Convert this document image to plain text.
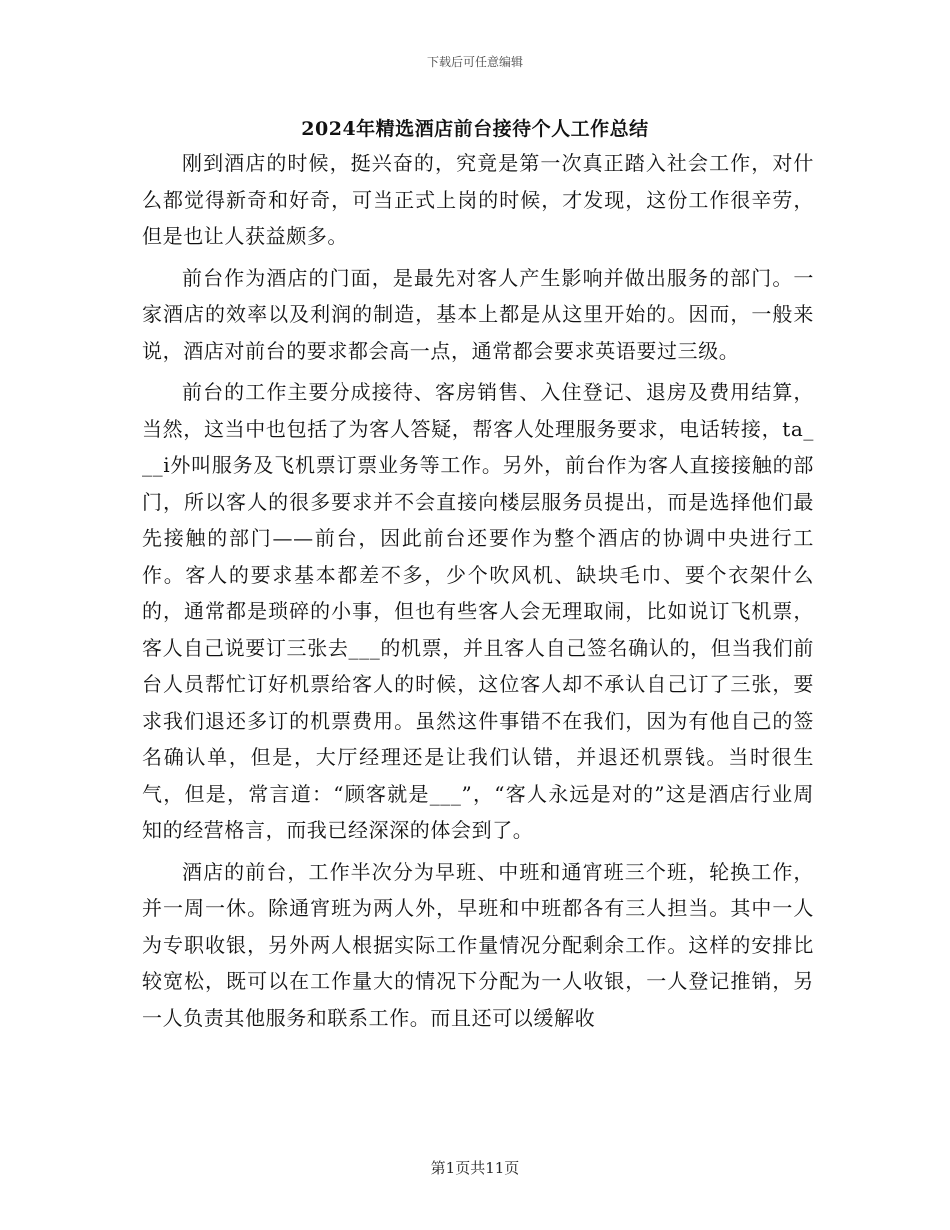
下载后可任意编辑
2024年精选酒店前台接待个人工作总结

刚到酒店的时候，挺兴奋的，究竟是第一次真正踏入社会工作，对什么都觉得新奇和好奇，可当正式上岗的时候，才发现，这份工作很辛劳，但是也让人获益颇多。

前台作为酒店的门面，是最先对客人产生影响并做出服务的部门。一家酒店的效率以及利润的制造，基本上都是从这里开始的。因而，一般来说，酒店对前台的要求都会高一点，通常都会要求英语要过三级。

前台的工作主要分成接待、客房销售、入住登记、退房及费用结算，当然，这当中也包括了为客人答疑，帮客人处理服务要求，电话转接，ta___i外叫服务及飞机票订票业务等工作。另外，前台作为客人直接接触的部门，所以客人的很多要求并不会直接向楼层服务员提出，而是选择他们最先接触的部门——前台，因此前台还要作为整个酒店的协调中央进行工作。客人的要求基本都差不多，少个吹风机、缺块毛巾、要个衣架什么的，通常都是琐碎的小事，但也有些客人会无理取闹，比如说订飞机票，客人自己说要订三张去___的机票，并且客人自己签名确认的，但当我们前台人员帮忙订好机票给客人的时候，这位客人却不承认自己订了三张，要求我们退还多订的机票费用。虽然这件事错不在我们，因为有他自己的签名确认单，但是，大厅经理还是让我们认错，并退还机票钱。当时很生气，但是，常言道：“顾客就是___”，“客人永远是对的”这是酒店行业周知的经营格言，而我已经深深的体会到了。

酒店的前台，工作半次分为早班、中班和通宵班三个班，轮换工作，并一周一休。除通宵班为两人外，早班和中班都各有三人担当。其中一人为专职收银，另外两人根据实际工作量情况分配剩余工作。这样的安排比较宽松，既可以在工作量大的情况下分配为一人收银，一人登记推销，另一人负责其他服务和联系工作。而且还可以缓解收

第1页共11页
